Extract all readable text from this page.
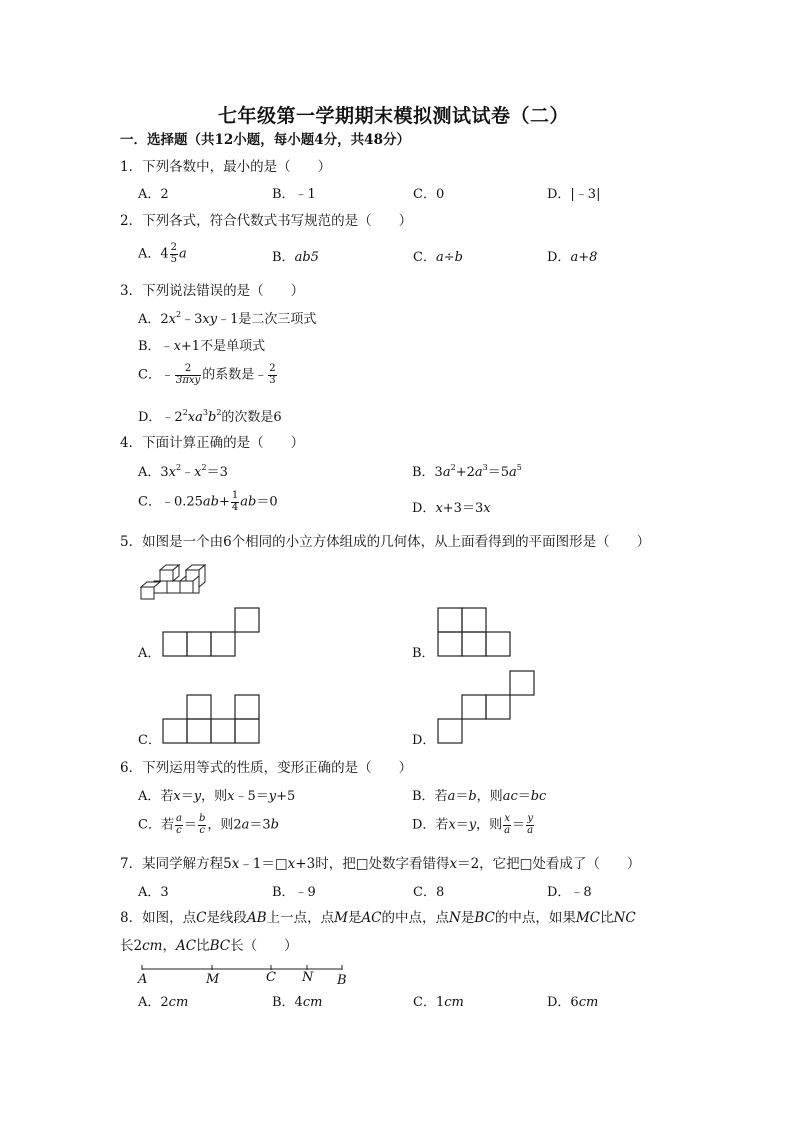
七年级第一学期期末模拟测试试卷（二）
一．选择题（共12小题，每小题4分，共48分）
1．下列各数中，最小的是（　　）
A．2	B．﹣1	C．0	D．|﹣3|
2．下列各式，符合代数式书写规范的是（　　）
A．$4 \frac{2}{5}$ a	B．ab5	C．a÷b	D．a+8
3．下列说法错误的是（　　）
A．$2x^2﹣3xy﹣1$是二次三项式
B．﹣x+1不是单项式
C．﹣ $\frac{2}{\text{3πxy}}$ 的系数是﹣ $\frac{2}{3}$
D．$﹣2^2xa^3b^2$的次数是6
4．下面计算正确的是（　　）
A．$3x^2﹣x^2=3$	B．$3a^2+2a^3=5a^5$
C．﹣0.25ab+ $\frac{1}{4} ab=0$	D．x+3＝3x
5．如图是一个由6个相同的小立方体组成的几何体，从上面看得到的平面图形是（　　）
A．	B．
C．	D．
6．下列运用等式的性质，变形正确的是（　　）
A．若x＝y，则x﹣5＝y+5	B．若a＝b，则ac＝bc
C．若 $\frac{a}{c} = \frac{b}{c}$ ，则2a＝3b	D．若x＝y，则 $\frac{x}{a} = \frac{y}{a}$
7．某同学解方程5x﹣1＝□x+3时，把□处数字看错得x＝2，它把□处看成了（　　）
A．3	B．﹣9	C．8	D．﹣8
8．如图，点C是线段AB上一点，点M是AC的中点，点N是BC的中点，如果MC比NC
长2cm，AC比BC长（　　）
A	M	C N B
A．2cm	B．4cm	C．1cm	D．6cm
